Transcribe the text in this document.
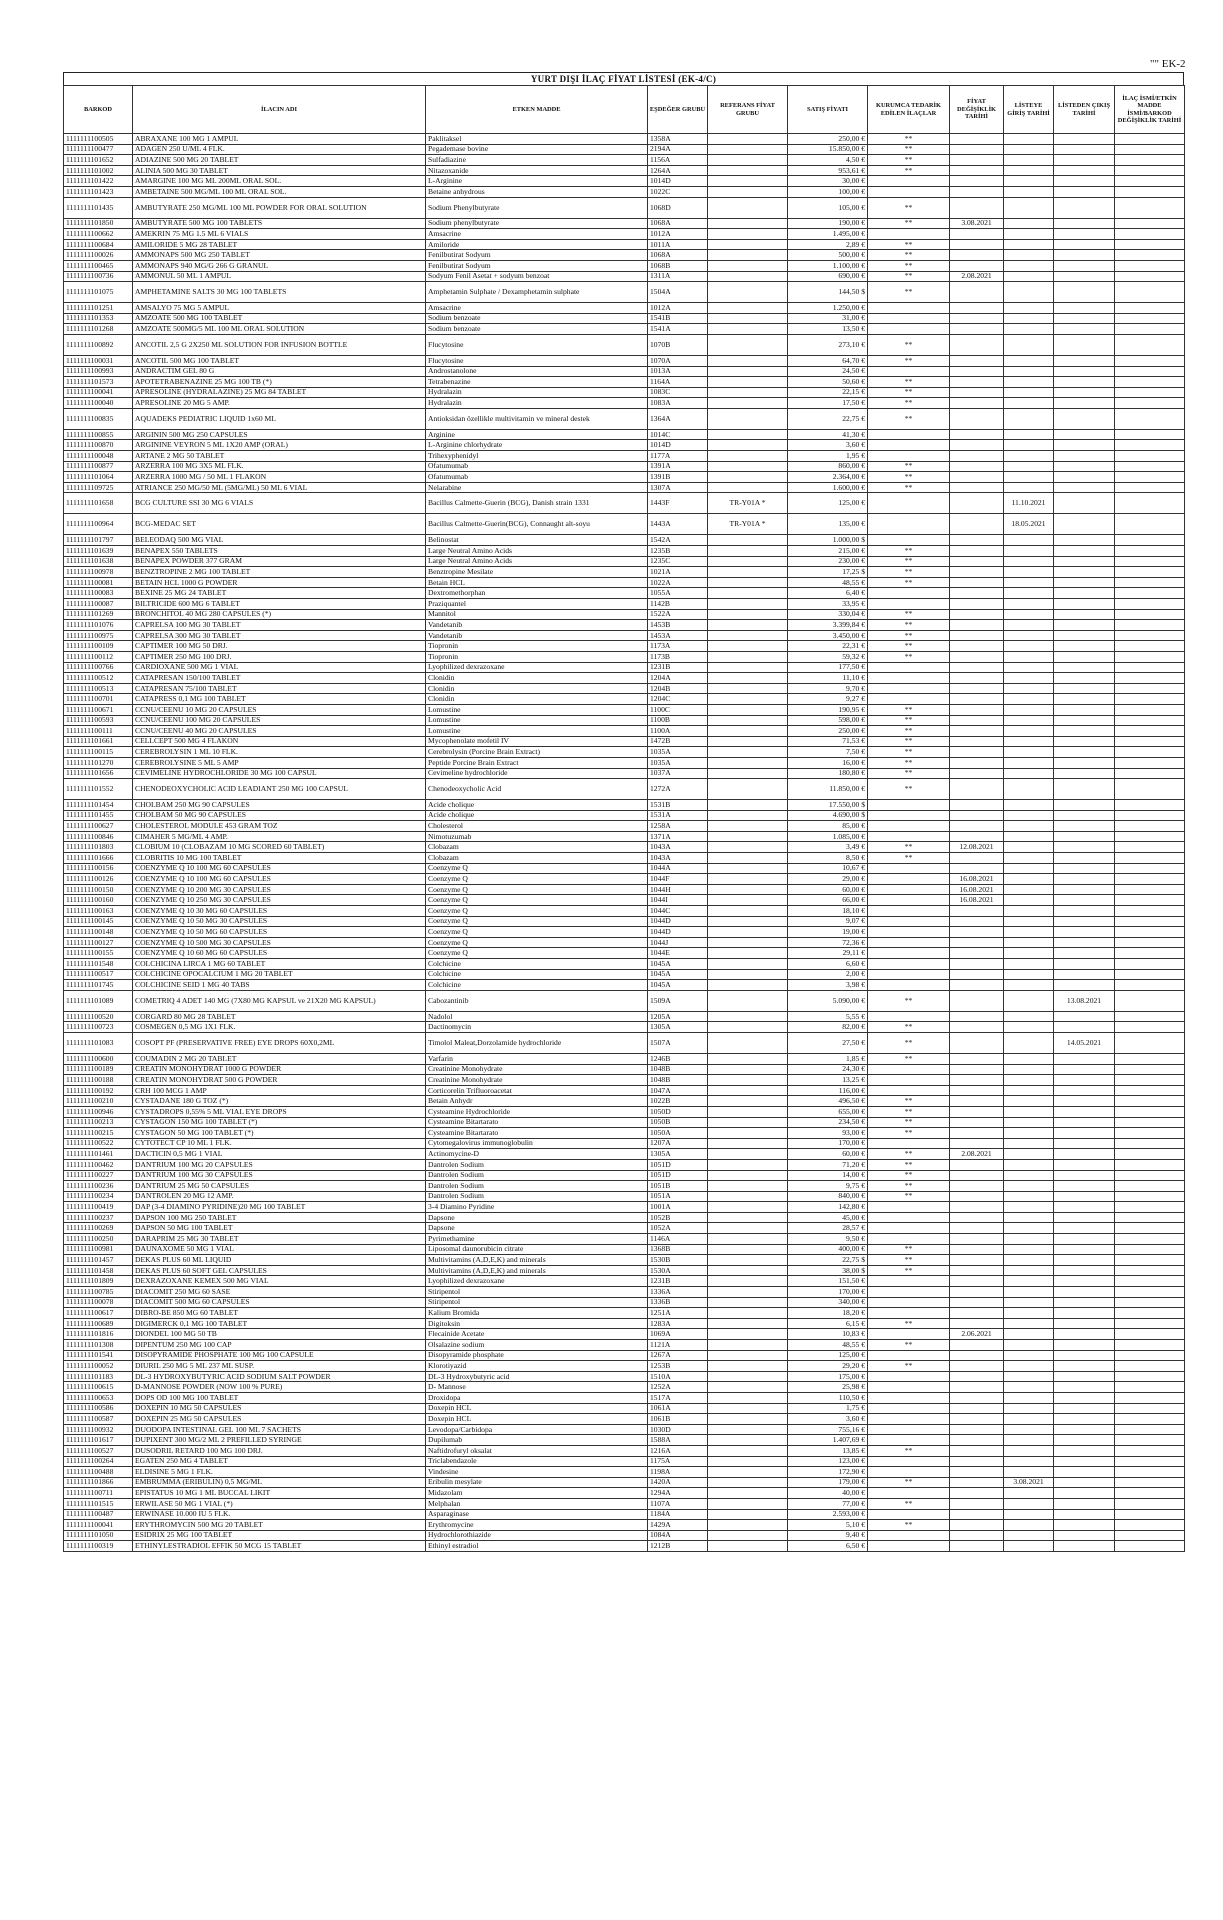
"" EK-2
YURT DIŞI İLAÇ FİYAT LİSTESİ (EK-4/C)
BARKOD	İLACIN ADI	ETKEN MADDE	EŞDEĞER GRUBU	REFERANS FİYAT GRUBU	SATIŞ FİYATI	KURUMCA TEDARİK EDİLEN İLAÇLAR	FİYAT DEĞİŞİKLİK TARİHİ	LİSTEYE GİRİŞ TARİHİ	LİSTEDEN ÇIKIŞ TARİHİ	İLAÇ İSMİ/ETKİN MADDE İSMİ/BARKOD DEĞİŞİKLİK TARİHİ
1111111100505	ABRAXANE 100 MG 1 AMPUL	Paklitaksel	1358A		250,00 €	**				
1111111100477	ADAGEN 250 U/ML 4 FLK.	Pegademase bovine	2194A		15.850,00 €	**				
1111111101652	ADIAZINE 500 MG 20 TABLET	Sulfadiazine	1156A		4,50 €	**				
1111111101002	ALINIA 500 MG 30 TABLET	Nitazoxanide	1264A		953,61 €	**				
1111111101422	AMARGINE 100 MG ML 200ML ORAL SOL.	L-Arginine	1014D		30,00 €					
1111111101423	AMBETAINE 500 MG/ML 100 ML ORAL SOL.	Betaine anhydrous	1022C		100,00 €					
1111111101435	AMBUTYRATE 250 MG/ML 100 ML POWDER FOR ORAL SOLUTION	Sodium Phenylbutyrate	1068D		105,00 €	**				
1111111101850	AMBUTYRATE 500 MG 100 TABLETS	Sodium phenylbutyrate	1068A		190,00 €	**	3.08.2021			
1111111100662	AMEKRIN 75 MG 1.5 ML 6 VIALS	Amsacrine	1012A		1.495,00 €					
1111111100684	AMILORIDE 5 MG 28 TABLET	Amiloride	1011A		2,89 €	**				
1111111100026	AMMONAPS 500 MG 250 TABLET	Fenilbutirat Sodyum	1068A		500,00 €	**				
1111111100465	AMMONAPS 940 MG/G 266 G GRANUL	Fenilbutirat Sodyum	1068B		1.100,00 €	**				
1111111100736	AMMONUL 50 ML 1 AMPUL	Sodyum Fenil Asetat + sodyum benzoat	1311A		690,00 €	**	2.08.2021			
1111111101075	AMPHETAMINE SALTS 30 MG 100 TABLETS	Amphetamin Sulphate / Dexamphetamin sulphate	1504A		144,50 $	**				
1111111101251	AMSALYO 75 MG 5 AMPUL	Amsacrine	1012A		1.250,00 €					
1111111101353	AMZOATE 500 MG 100 TABLET	Sodium benzoate	1541B		31,00 €					
1111111101268	AMZOATE 500MG/5 ML 100 ML ORAL SOLUTION	Sodium benzoate	1541A		13,50 €					
1111111100892	ANCOTIL 2,5 G 2X250 ML SOLUTION FOR INFUSION BOTTLE	Flucytosine	1070B		273,10 €	**				
1111111100031	ANCOTIL 500 MG 100 TABLET	Flucytosine	1070A		64,70 €	**				
1111111100993	ANDRACTIM GEL 80 G	Androstanolone	1013A		24,50 €					
1111111101573	APOTETRABENAZINE 25 MG 100 TB (*)	Tetrabenazine	1164A		50,60 €	**				
1111111100041	APRESOLINE (HYDRALAZINE) 25 MG 84 TABLET	Hydralazin	1083C		22,15 €	**				
1111111100040	APRESOLINE 20 MG 5 AMP.	Hydralazin	1083A		17,50 €	**				
1111111100835	AQUADEKS PEDIATRIC LIQUID 1x60 ML	Antioksidan özellikle multivitamin ve mineral destek	1364A		22,75 €	**				
1111111100855	ARGININ 500 MG 250 CAPSULES	Arginine	1014C		41,30 €					
1111111100870	ARGININE VEYRON 5 ML 1X20 AMP (ORAL)	L-Arginine chlorhydrate	1014D		3,60 €					
1111111100048	ARTANE 2 MG 50 TABLET	Trihexyphenidyl	1177A		1,95 €					
1111111100877	ARZERRA 100 MG 3X5 ML FLK.	Ofatumumab	1391A		860,00 €	**				
1111111101064	ARZERRA 1000 MG / 50 ML 1 FLAKON	Ofatumumab	1391B		2.364,00 €	**				
1111111109725	ATRIANCE 250 MG/50 ML (5MG/ML) 50 ML 6 VIAL	Nelarabine	1307A		1.600,00 €	**				
1111111101658	BCG CULTURE SSI 30 MG 6 VIALS	Bacillus Calmette-Guerin (BCG), Danish strain 1331	1443F	TR-Y01A *	125,00 €			11.10.2021		
1111111100964	BCG-MEDAC SET	Bacillus Calmette-Guerin(BCG), Connaught alt-soyu	1443A	TR-Y01A *	135,00 €			18.05.2021		
1111111101797	BELEODAQ 500 MG VIAL	Belinostat	1542A		1.000,00 $					
1111111101639	BENAPEX 550 TABLETS	Large Neutral Amino Acids	1235B		215,00 €	**				
1111111101638	BENAPEX POWDER 377 GRAM	Large Neutral Amino Acids	1235C		230,00 €	**				
1111111100978	BENZTROPINE 2 MG 100 TABLET	Benztropine Mesilate	1021A		17,25 $	**				
1111111100081	BETAIN HCL 1000 G POWDER	Betain HCL	1022A		48,55 €	**				
1111111100083	BEXINE 25 MG 24 TABLET	Dextromethorphan	1055A		6,40 €					
1111111100087	BILTRICIDE 600 MG 6 TABLET	Praziquantel	1142B		33,95 €					
1111111101269	BRONCHITOL 40 MG 280 CAPSULES (*)	Mannitol	1522A		330,04 €	**				
1111111101076	CAPRELSA 100 MG 30 TABLET	Vandetanib	1453B		3.399,84 €	**				
1111111100975	CAPRELSA 300 MG 30 TABLET	Vandetanib	1453A		3.450,00 €	**				
1111111100109	CAPTIMER 100 MG 50 DRJ.	Tiopronin	1173A		22,31 €	**				
1111111100112	CAPTIMER 250 MG 100 DRJ.	Tiopronin	1173B		59,32 €	**				
1111111100766	CARDIOXANE 500 MG 1 VIAL	Lyophilized dexrazoxane	1231B		177,50 €					
1111111100512	CATAPRESAN 150/100 TABLET	Clonidin	1204A		11,10 €					
1111111100513	CATAPRESAN 75/100 TABLET	Clonidin	1204B		9,70 €					
1111111100701	CATAPRESS 0,1 MG 100 TABLET	Clonidin	1204C		9,27 €					
1111111100671	CCNU/CEENU 10 MG 20 CAPSULES	Lomustine	1100C		190,95 €	**				
1111111100593	CCNU/CEENU 100 MG 20 CAPSULES	Lomustine	1100B		598,00 €	**				
1111111100111	CCNU/CEENU 40 MG 20 CAPSULES	Lomustine	1100A		250,00 €	**				
1111111101661	CELLCEPT 500 MG 4 FLAKON	Mycophenolate mofetil IV	1472B		71,53 €	**				
1111111100115	CEREBROLYSIN 1 ML 10 FLK.	Cerebrolysin (Porcine Brain Extract)	1035A		7,50 €	**				
1111111101270	CEREBROLYSINE 5 ML 5 AMP	Peptide Porcine Brain Extract	1035A		16,00 €	**				
1111111101656	CEVIMELINE HYDROCHLORIDE 30 MG 100 CAPSUL	Cevimeline hydrochloride	1037A		180,80 €	**				
1111111101552	CHENODEOXYCHOLIC ACID LEADIANT 250 MG 100 CAPSUL	Chenodeoxycholic Acid	1272A		11.850,00 €	**				
1111111101454	CHOLBAM 250 MG 90 CAPSULES	Acide cholique	1531B		17.550,00 $					
1111111101455	CHOLBAM 50 MG 90 CAPSULES	Acide cholique	1531A		4.690,00 $					
1111111100627	CHOLESTEROL MODULE 453 GRAM TOZ	Cholesterol	1258A		85,00 €					
1111111100846	CIMAHER 5 MG/ML 4 AMP.	Nimotuzumab	1371A		1.085,00 €					
1111111101803	CLOBIUM 10 (CLOBAZAM 10 MG SCORED 60 TABLET)	Clobazam	1043A		3,49 €	**	12.08.2021			
1111111101666	CLOBRITIS 10 MG 100 TABLET	Clobazam	1043A		8,50 €	**				
1111111100156	COENZYME Q 10 100 MG 60 CAPSULES	Coenzyme Q	1044A		10,67 €					
1111111100126	COENZYME Q 10 100 MG 60 CAPSULES	Coenzyme Q	1044F		29,00 €		16.08.2021			
1111111100150	COENZYME Q 10 200 MG 30 CAPSULES	Coenzyme Q	1044H		60,00 €		16.08.2021			
1111111100160	COENZYME Q 10 250 MG 30 CAPSULES	Coenzyme Q	1044I		66,00 €		16.08.2021			
1111111100163	COENZYME Q 10 30 MG 60 CAPSULES	Coenzyme Q	1044C		18,10 €					
1111111100145	COENZYME Q 10 50 MG 30 CAPSULES	Coenzyme Q	1044D		9,07 €					
1111111100148	COENZYME Q 10 50 MG 60 CAPSULES	Coenzyme Q	1044D		19,00 €					
1111111100127	COENZYME Q 10 500 MG 30 CAPSULES	Coenzyme Q	1044J		72,36 €					
1111111100155	COENZYME Q 10 60 MG 60 CAPSULES	Coenzyme Q	1044E		29,11 €					
1111111101548	COLCHICINA LIRCA 1 MG 60 TABLET	Colchicine	1045A		6,60 €					
1111111100517	COLCHICINE OPOCALCIUM 1 MG 20 TABLET	Colchicine	1045A		2,00 €					
1111111101745	COLCHICINE SEID 1 MG 40 TABS	Colchicine	1045A		3,98 €					
1111111101089	COMETRIQ 4 ADET 140 MG (7X80 MG KAPSUL ve 21X20 MG KAPSUL)	Cabozantinib	1509A		5.090,00 €	**			13.08.2021	
1111111100520	CORGARD 80 MG 28 TABLET	Nadolol	1205A		5,55 €					
1111111100723	COSMEGEN 0,5 MG 1X1 FLK.	Dactinomycin	1305A		82,00 €	**				
1111111101083	COSOPT PF (PRESERVATIVE FREE) EYE DROPS 60X0,2ML	Timolol Maleat,Dorzolamide hydrochloride	1507A		27,50 €	**			14.05.2021	
1111111100600	COUMADIN 2 MG 20 TABLET	Varfarin	1246B		1,85 €	**				
1111111100189	CREATIN MONOHYDRAT 1000 G POWDER	Creatinine Monohydrate	1048B		24,30 €					
1111111100188	CREATIN MONOHYDRAT 500 G POWDER	Creatinine Monohydrate	1048B		13,25 €					
1111111100192	CRH 100 MCG 1 AMP	Corticorelin Trifluoroacetat	1047A		116,00 €					
1111111100210	CYSTADANE 180 G TOZ (*)	Betain Anhydr	1022B		496,50 €	**				
1111111100946	CYSTADROPS 0,55% 5 ML VIAL EYE DROPS	Cysteamine Hydrochloride	1050D		655,00 €	**				
1111111100213	CYSTAGON 150 MG 100 TABLET (*)	Cysteamine Bitartarato	1050B		234,50 €	**				
1111111100215	CYSTAGON 50 MG 100 TABLET (*)	Cysteamine Bitartarato	1050A		93,00 €	**				
1111111100522	CYTOTECT CP 10 ML 1 FLK.	Cytomegalovirus immunoglobulin	1207A		170,00 €					
1111111101461	DACTICIN 0,5 MG 1 VIAL	Actinomycine-D	1305A		60,00 €	**	2.08.2021			
1111111100462	DANTRIUM 100 MG 20 CAPSULES	Dantrolen Sodium	1051D		71,20 €	**				
1111111100227	DANTRIUM 100 MG 30 CAPSULES	Dantrolen Sodium	1051D		14,00 €	**				
1111111100236	DANTRIUM 25 MG 50 CAPSULES	Dantrolen Sodium	1051B		9,75 €	**				
1111111100234	DANTROLEN 20 MG 12 AMP.	Dantrolen Sodium	1051A		840,00 €	**				
1111111100419	DAP (3-4 DIAMINO PYRIDINE)20 MG 100 TABLET	3-4 Diamino Pyridine	1001A		142,80 €					
1111111100237	DAPSON 100 MG 250 TABLET	Dapsone	1052B		45,00 €					
1111111100269	DAPSON 50 MG 100 TABLET	Dapsone	1052A		28,57 €					
1111111100250	DARAPRIM 25 MG 30 TABLET	Pyrimethamine	1146A		9,50 €					
1111111100981	DAUNAXOME 50 MG 1 VIAL	Liposomal daunorubicin citrate	1368B		400,00 €	**				
1111111101457	DEKAS PLUS 60 ML LIQUID	Multivitamins (A,D,E,K) and minerals	1530B		22,75 $	**				
1111111101458	DEKAS PLUS 60 SOFT GEL CAPSULES	Multivitamins (A,D,E,K) and minerals	1530A		38,00 $	**				
1111111101809	DEXRAZOXANE KEMEX 500 MG VIAL	Lyophilized dexrazoxane	1231B		151,50 €					
1111111100785	DIACOMIT 250 MG 60 SASE	Stiripentol	1336A		170,00 €					
1111111100078	DIACOMIT 500 MG 60 CAPSULES	Stiripentol	1336B		340,00 €					
1111111100617	DIBRO-BE 850 MG 60 TABLET	Kalium Bromida	1251A		18,20 €					
1111111100689	DIGIMERCK 0,1 MG 100 TABLET	Digitoksin	1283A		6,15 €	**				
1111111101816	DIONDEL 100 MG 50 TB	Flecainide Acetate	1069A		10,83 €		2.06.2021			
1111111101308	DIPENTUM 250 MG 100 CAP	Olsalazine sodium	1121A		48,55 €	**				
1111111101541	DISOPYRAMIDE PHOSPHATE 100 MG 100 CAPSULE	Disopyramide phosphate	1267A		125,00 €					
1111111100052	DIURIL 250 MG 5 ML 237 ML SUSP.	Klorotiyazid	1253B		29,20 €	**				
1111111101183	DL-3 HYDROXYBUTYRIC ACID SODIUM SALT POWDER	DL-3 Hydroxybutyric acid	1510A		175,00 €					
1111111100615	D-MANNOSE POWDER (NOW 100 % PURE)	D- Mannose	1252A		25,98 €					
1111111100653	DOPS OD 100 MG 100 TABLET	Droxidopa	1517A		110,50 €					
1111111100586	DOXEPIN 10 MG 50 CAPSULES	Doxepin HCL	1061A		1,75 €					
1111111100587	DOXEPIN 25 MG 50 CAPSULES	Doxepin HCL	1061B		3,60 €					
1111111100932	DUODOPA INTESTINAL GEL 100 ML 7 SACHETS	Levodopa/Carbidopa	1030D		755,16 €					
1111111101617	DUPIXENT 300 MG/2 ML 2 PREFILLED SYRINGE	Dupilumab	1588A		1.407,69 €					
1111111100527	DUSODRIL RETARD 100 MG 100 DRJ.	Naftidrofuryl oksalat	1216A		13,85 €	**				
1111111100264	EGATEN 250 MG 4 TABLET	Triclabendazole	1175A		123,00 €					
1111111100488	ELDISINE 5 MG 1 FLK.	Vindesine	1198A		172,90 €					
1111111101866	EMBRUMMA (ERIBULIN) 0,5 MG/ML	Eribulin mesylate	1420A		179,00 €	**		3.08.2021		
1111111100711	EPISTATUS 10 MG 1 ML BUCCAL LIKIT	Midazolam	1294A		40,00 €					
1111111101515	ERWILASE 50 MG 1 VIAL (*)	Melphalan	1107A		77,00 €	**				
1111111100487	ERWINASE 10.000 IU 5 FLK.	Asparaginase	1184A		2.593,00 €					
1111111100041	ERYTHROMYCIN 500 MG 20 TABLET	Erythromycine	1429A		5,10 €	**				
1111111101050	ESIDRIX 25 MG 100 TABLET	Hydrochlorothiazide	1084A		9,40 €					
1111111100319	ETHINYLESTRADIOL EFFIK 50 MCG 15 TABLET	Ethinyl estradiol	1212B		6,50 €					
